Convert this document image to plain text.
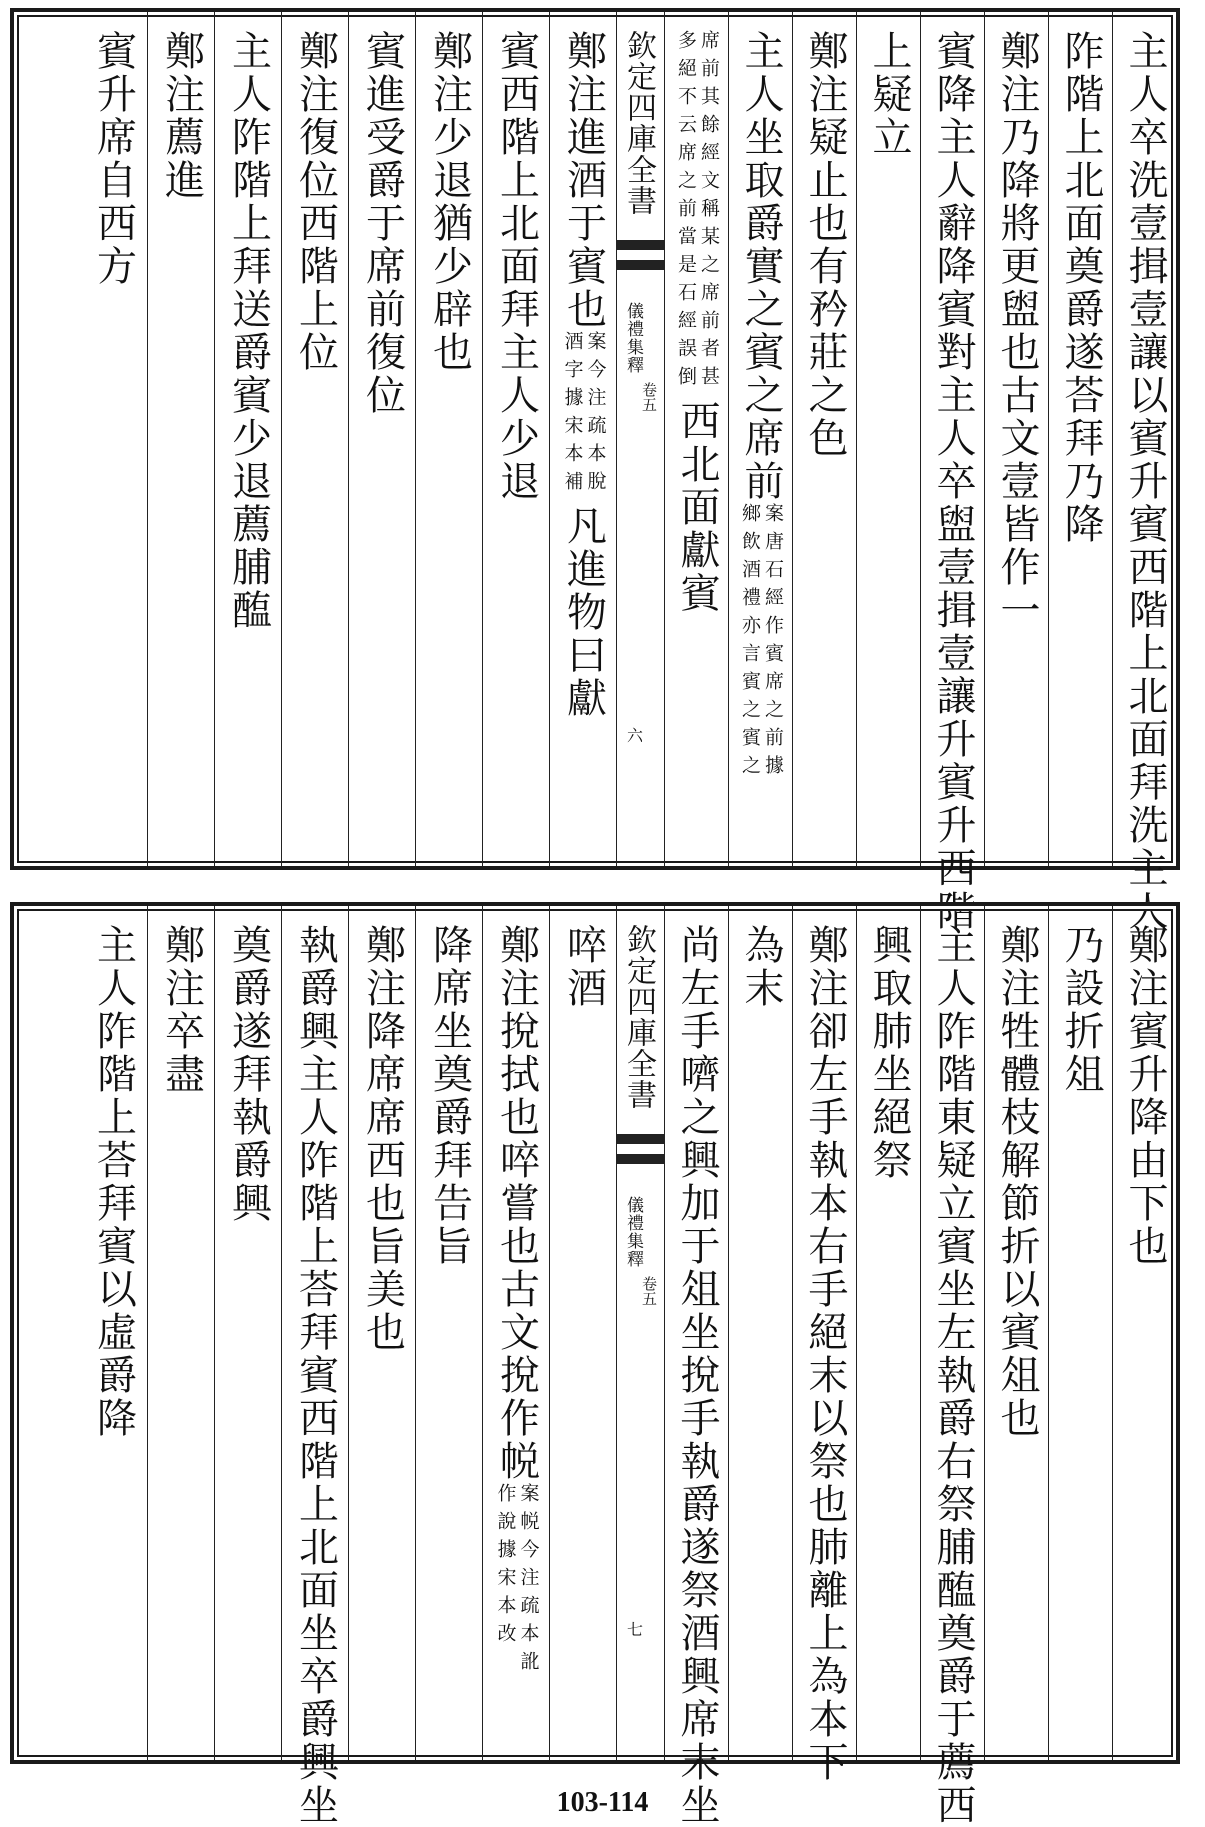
主人卒洗壹揖壹讓以賓升賓西階上北面拜洗主人
阼階上北面奠爵遂荅拜乃降
鄭注乃降將更盥也古文壹皆作一
賓降主人辭降賓對主人卒盥壹揖壹讓升賓升西階
上疑立
鄭注疑止也有矜莊之色
主人坐取爵實之賓之席前
案唐石經作賓席之前據
鄉飲酒禮亦言賓之賓之
席前其餘經文稱某之席前者甚
多絕不云席之前當是石經誤倒
西北面獻賓
欽定四庫全書
儀禮集釋
卷五
六
鄭注進酒于賓也
案今注疏本脫
酒字據宋本補
凡進物曰獻
賓西階上北面拜主人少退
鄭注少退猶少辟也
賓進受爵于席前復位
鄭注復位西階上位
主人阼階上拜送爵賓少退薦脯醢
鄭注薦進
賓升席自西方
鄭注賓升降由下也
乃設折俎
鄭注牲體枝解節折以賓俎也
主人阼階東疑立賓坐左執爵右祭脯醢奠爵于薦西
興取肺坐絕祭
鄭注卻左手執本右手絕末以祭也肺離上為本下
為末
尚左手嚌之興加于俎坐挩手執爵遂祭酒興席末坐
欽定四庫全書
儀禮集釋
卷五
七
啐酒
鄭注挩拭也啐嘗也古文挩作帨
案帨今注疏本訛
作說據宋本改
降席坐奠爵拜告旨
鄭注降席席西也旨美也
執爵興主人阼階上荅拜賓西階上北面坐卒爵興坐
奠爵遂拜執爵興
鄭注卒盡
主人阼階上荅拜賓以虛爵降
103-114
